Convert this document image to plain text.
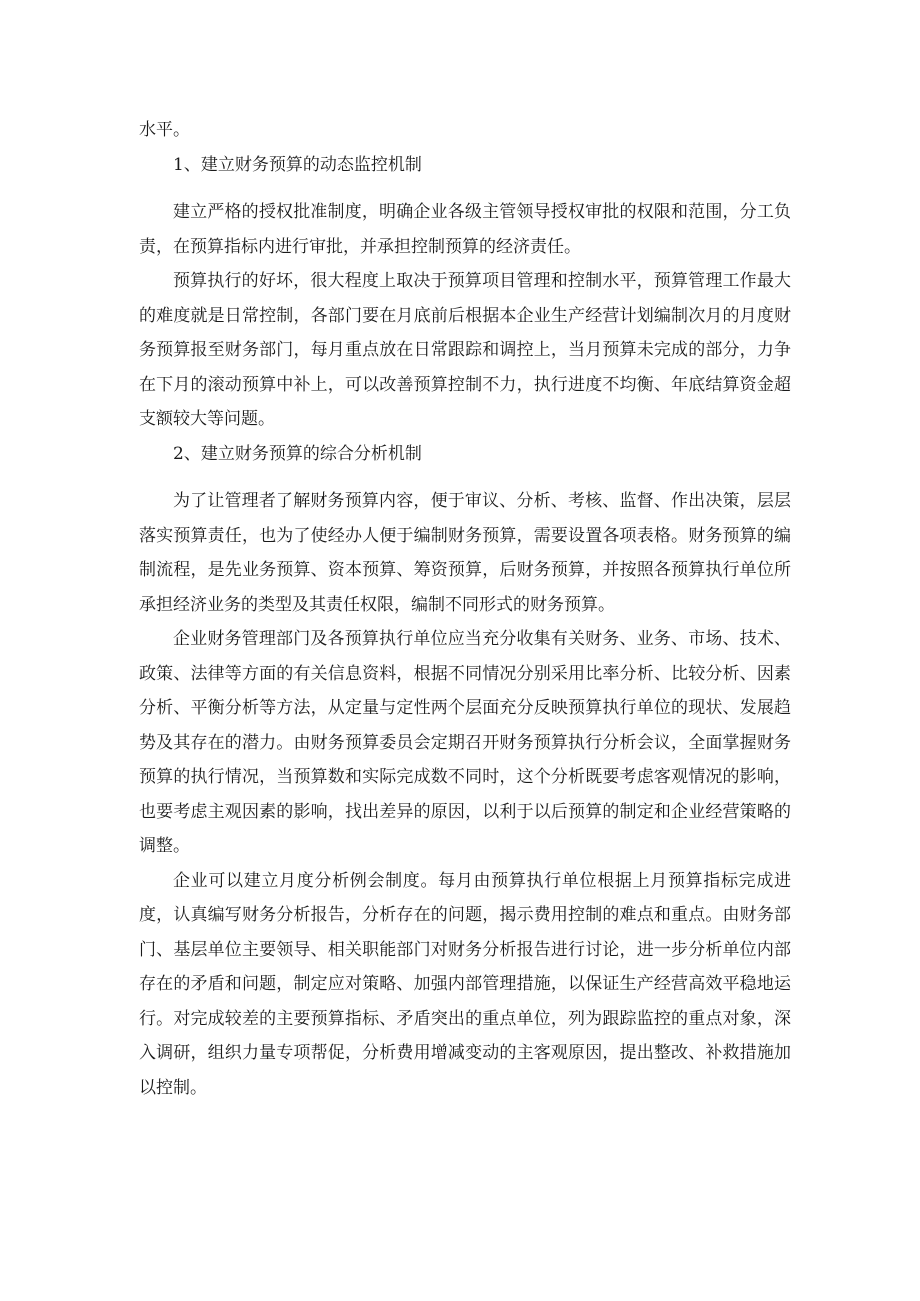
水平。

1、建立财务预算的动态监控机制

建立严格的授权批准制度，明确企业各级主管领导授权审批的权限和范围，分工负责，在预算指标内进行审批，并承担控制预算的经济责任。

预算执行的好坏，很大程度上取决于预算项目管理和控制水平，预算管理工作最大的难度就是日常控制，各部门要在月底前后根据本企业生产经营计划编制次月的月度财务预算报至财务部门，每月重点放在日常跟踪和调控上，当月预算未完成的部分，力争在下月的滚动预算中补上，可以改善预算控制不力，执行进度不均衡、年底结算资金超支额较大等问题。

2、建立财务预算的综合分析机制

为了让管理者了解财务预算内容，便于审议、分析、考核、监督、作出决策，层层落实预算责任，也为了使经办人便于编制财务预算，需要设置各项表格。财务预算的编制流程，是先业务预算、资本预算、筹资预算，后财务预算，并按照各预算执行单位所承担经济业务的类型及其责任权限，编制不同形式的财务预算。

企业财务管理部门及各预算执行单位应当充分收集有关财务、业务、市场、技术、政策、法律等方面的有关信息资料，根据不同情况分别采用比率分析、比较分析、因素分析、平衡分析等方法，从定量与定性两个层面充分反映预算执行单位的现状、发展趋势及其存在的潜力。由财务预算委员会定期召开财务预算执行分析会议，全面掌握财务预算的执行情况，当预算数和实际完成数不同时，这个分析既要考虑客观情况的影响，也要考虑主观因素的影响，找出差异的原因，以利于以后预算的制定和企业经营策略的调整。

企业可以建立月度分析例会制度。每月由预算执行单位根据上月预算指标完成进度，认真编写财务分析报告，分析存在的问题，揭示费用控制的难点和重点。由财务部门、基层单位主要领导、相关职能部门对财务分析报告进行讨论，进一步分析单位内部存在的矛盾和问题，制定应对策略、加强内部管理措施，以保证生产经营高效平稳地运行。对完成较差的主要预算指标、矛盾突出的重点单位，列为跟踪监控的重点对象，深入调研，组织力量专项帮促，分析费用增减变动的主客观原因，提出整改、补救措施加以控制。
